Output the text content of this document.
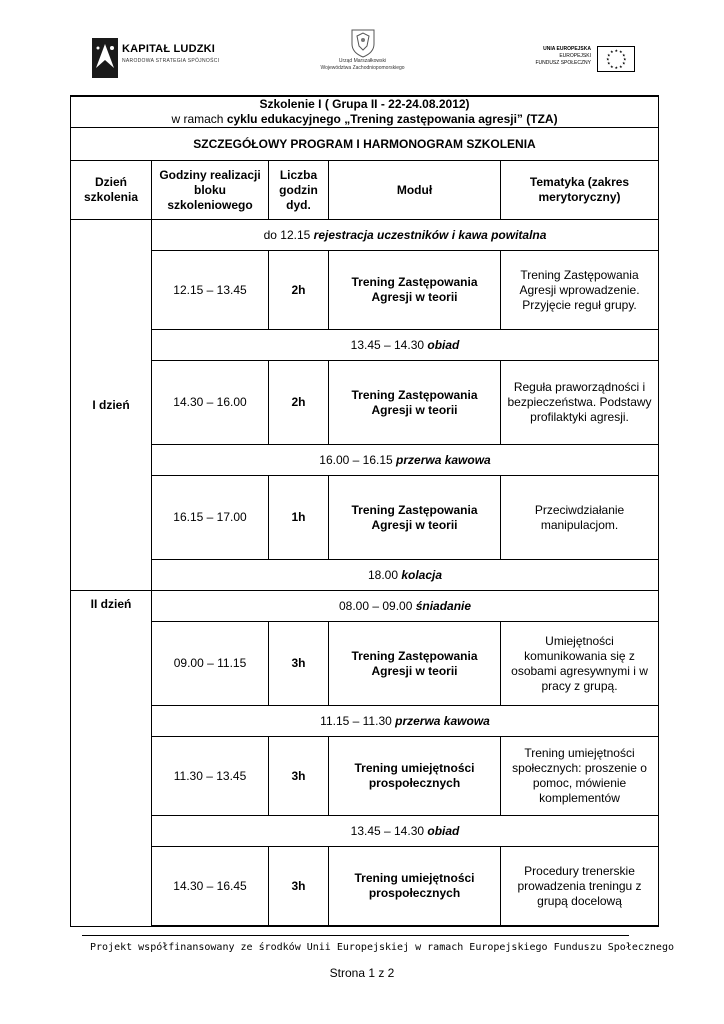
KAPITAŁ LUDZKI
NARODOWA STRATEGIA SPÓJNOŚCI	Urząd Marszałkowski
Województwa Zachodniopomorskiego
UNIA EUROPEJSKA
EUROPEJSKI
FUNDUSZ SPOŁECZNY
★ ★
★
★
★
★
★
★
★
★
★
★
Szkolenie I ( Grupa II - 22-24.08.2012)
w ramach cyklu edukacyjnego „Trening zastępowania agresji” (TZA)				

SZCZEGÓŁOWY PROGRAM I HARMONOGRAM SZKOLENIA				
Dzień szkolenia	Godziny realizacji bloku szkoleniowego	Liczba godzin dyd.	Moduł	Tematyka (zakres merytoryczny)
I dzień	do 12.15 rejestracja uczestników i kawa powitalna			
	12.15 – 13.45	2h	Trening Zastępowania Agresji w teorii	Trening Zastępowania Agresji wprowadzenie. Przyjęcie reguł grupy.
	13.45 – 14.30 obiad			
	14.30 – 16.00	2h	Trening Zastępowania Agresji w teorii	Reguła praworządności i bezpieczeństwa. Podstawy profilaktyki agresji.
	16.00 – 16.15 przerwa kawowa			
	16.15 – 17.00	1h	Trening Zastępowania Agresji w teorii	Przeciwdziałanie manipulacjom.
	18.00 kolacja			
II dzień	08.00 – 09.00 śniadanie			
	09.00 – 11.15	3h	Trening Zastępowania Agresji w teorii	Umiejętności komunikowania się z osobami agresywnymi i w pracy z grupą.
	11.15 – 11.30 przerwa kawowa			
	11.30 – 13.45	3h	Trening umiejętności prospołecznych	Trening umiejętności społecznych: proszenie o pomoc, mówienie komplementów
	13.45 – 14.30 obiad			
	14.30 – 16.45	3h	Trening umiejętności prospołecznych	Procedury trenerskie prowadzenia treningu z grupą docelową
Projekt współfinansowany ze środków Unii Europejskiej w ramach Europejskiego Funduszu Społecznego
Strona 1 z 2
